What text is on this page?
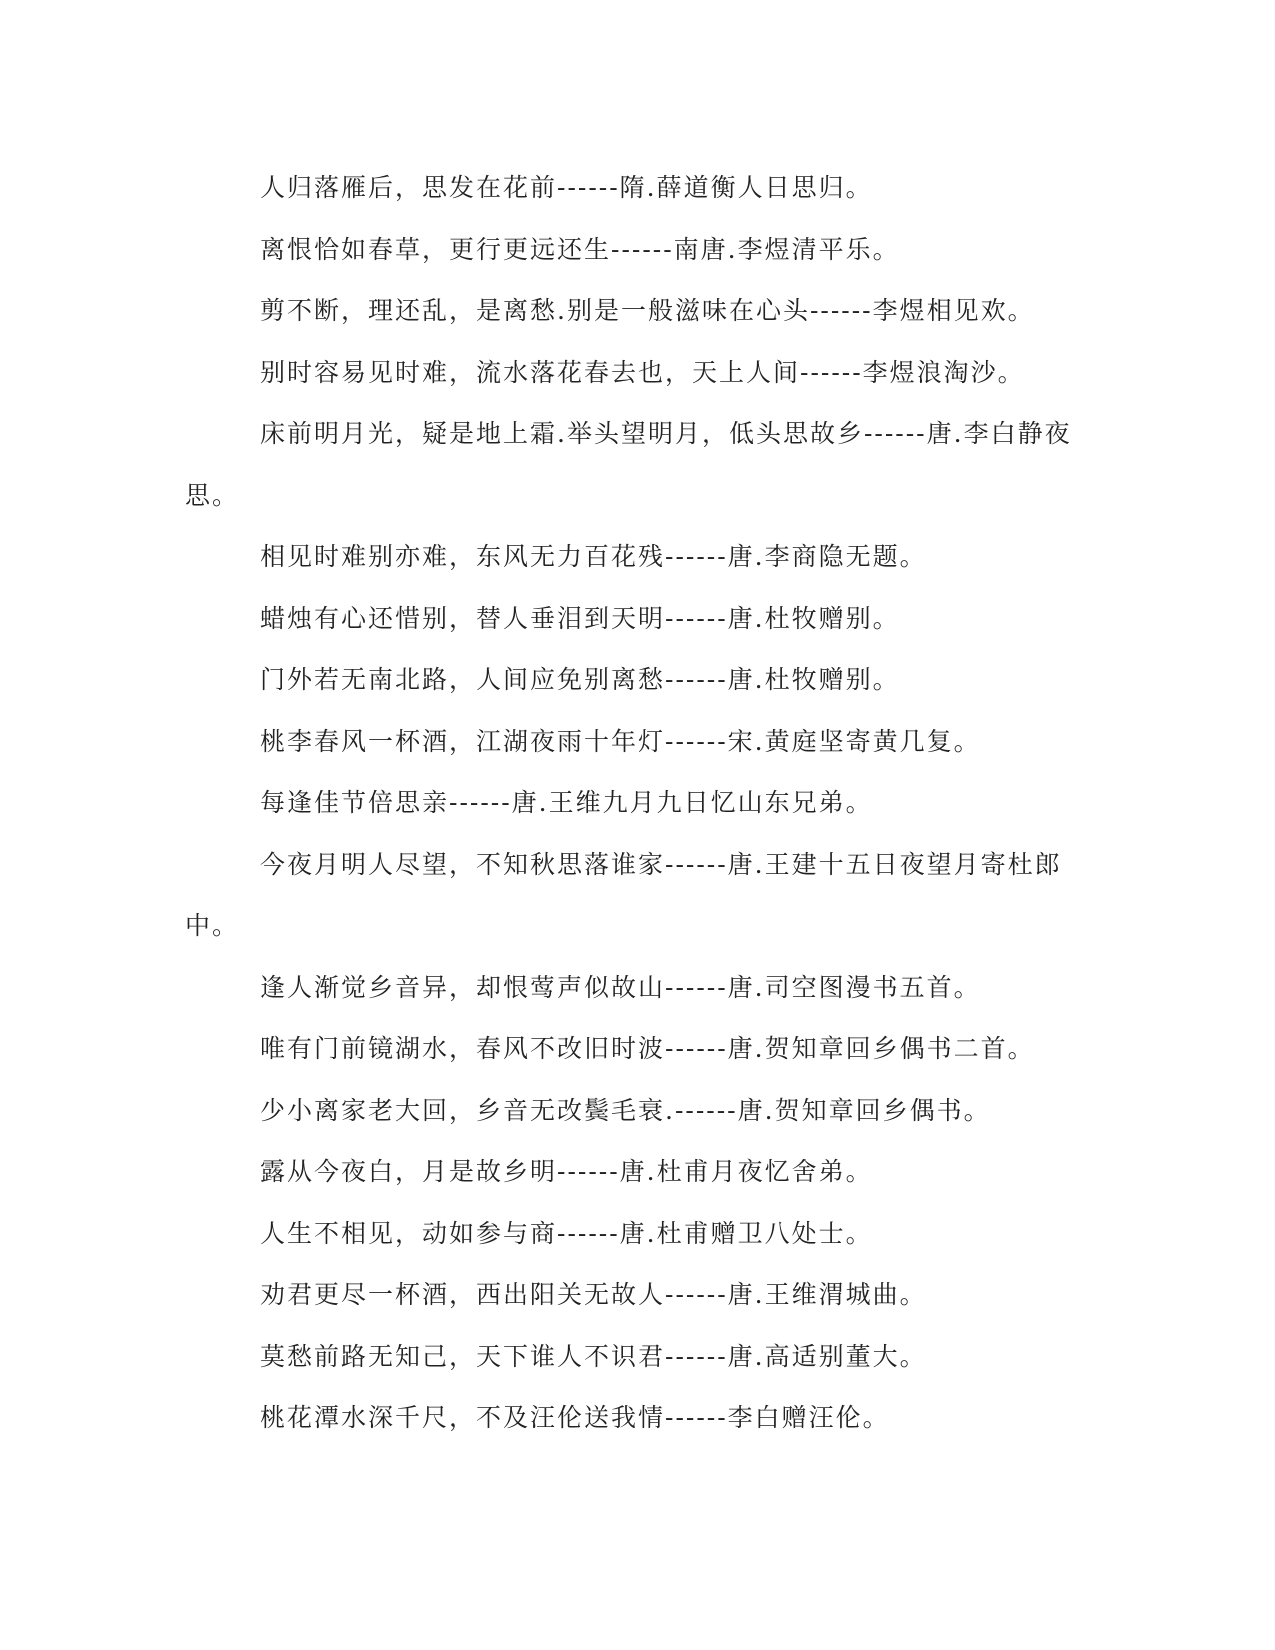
人归落雁后，思发在花前------隋.薛道衡人日思归。

离恨恰如春草，更行更远还生------南唐.李煜清平乐。

剪不断，理还乱，是离愁.别是一般滋味在心头------李煜相见欢。

别时容易见时难，流水落花春去也，天上人间------李煜浪淘沙。

床前明月光，疑是地上霜.举头望明月，低头思故乡------唐.李白静夜思。

相见时难别亦难，东风无力百花残------唐.李商隐无题。

蜡烛有心还惜别，替人垂泪到天明------唐.杜牧赠别。

门外若无南北路，人间应免别离愁------唐.杜牧赠别。

桃李春风一杯酒，江湖夜雨十年灯------宋.黄庭坚寄黄几复。

每逢佳节倍思亲------唐.王维九月九日忆山东兄弟。

今夜月明人尽望，不知秋思落谁家------唐.王建十五日夜望月寄杜郎中。

逢人渐觉乡音异，却恨莺声似故山------唐.司空图漫书五首。

唯有门前镜湖水，春风不改旧时波------唐.贺知章回乡偶书二首。

少小离家老大回，乡音无改鬓毛衰.------唐.贺知章回乡偶书。

露从今夜白，月是故乡明------唐.杜甫月夜忆舍弟。

人生不相见，动如参与商------唐.杜甫赠卫八处士。

劝君更尽一杯酒，西出阳关无故人------唐.王维渭城曲。

莫愁前路无知己，天下谁人不识君------唐.高适别董大。

桃花潭水深千尺，不及汪伦送我情------李白赠汪伦。
